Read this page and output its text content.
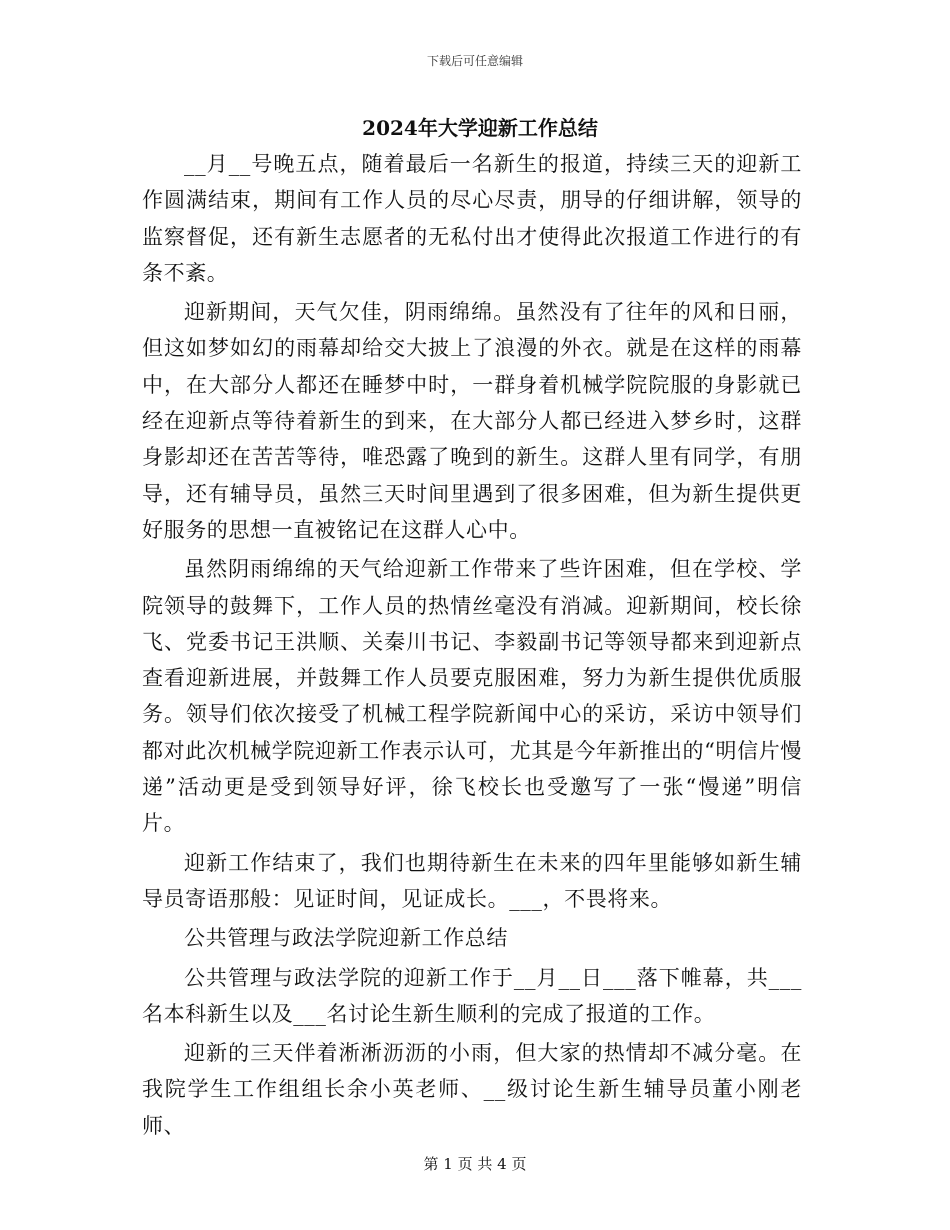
下载后可任意编辑
2024年大学迎新工作总结

__月__号晚五点，随着最后一名新生的报道，持续三天的迎新工作圆满结束，期间有工作人员的尽心尽责，朋导的仔细讲解，领导的监察督促，还有新生志愿者的无私付出才使得此次报道工作进行的有条不紊。

迎新期间，天气欠佳，阴雨绵绵。虽然没有了往年的风和日丽，但这如梦如幻的雨幕却给交大披上了浪漫的外衣。就是在这样的雨幕中，在大部分人都还在睡梦中时，一群身着机械学院院服的身影就已经在迎新点等待着新生的到来，在大部分人都已经进入梦乡时，这群身影却还在苦苦等待，唯恐露了晚到的新生。这群人里有同学，有朋导，还有辅导员，虽然三天时间里遇到了很多困难，但为新生提供更好服务的思想一直被铭记在这群人心中。

虽然阴雨绵绵的天气给迎新工作带来了些许困难，但在学校、学院领导的鼓舞下，工作人员的热情丝毫没有消减。迎新期间，校长徐飞、党委书记王洪顺、关秦川书记、李毅副书记等领导都来到迎新点查看迎新进展，并鼓舞工作人员要克服困难，努力为新生提供优质服务。领导们依次接受了机械工程学院新闻中心的采访，采访中领导们都对此次机械学院迎新工作表示认可，尤其是今年新推出的“明信片慢递”活动更是受到领导好评，徐飞校长也受邀写了一张“慢递”明信片。

迎新工作结束了，我们也期待新生在未来的四年里能够如新生辅导员寄语那般：见证时间，见证成长。___，不畏将来。

公共管理与政法学院迎新工作总结

公共管理与政法学院的迎新工作于__月__日___落下帷幕，共___名本科新生以及___名讨论生新生顺利的完成了报道的工作。

迎新的三天伴着淅淅沥沥的小雨，但大家的热情却不减分毫。在我院学生工作组组长余小英老师、__级讨论生新生辅导员董小刚老师、

第 1 页 共 4 页
